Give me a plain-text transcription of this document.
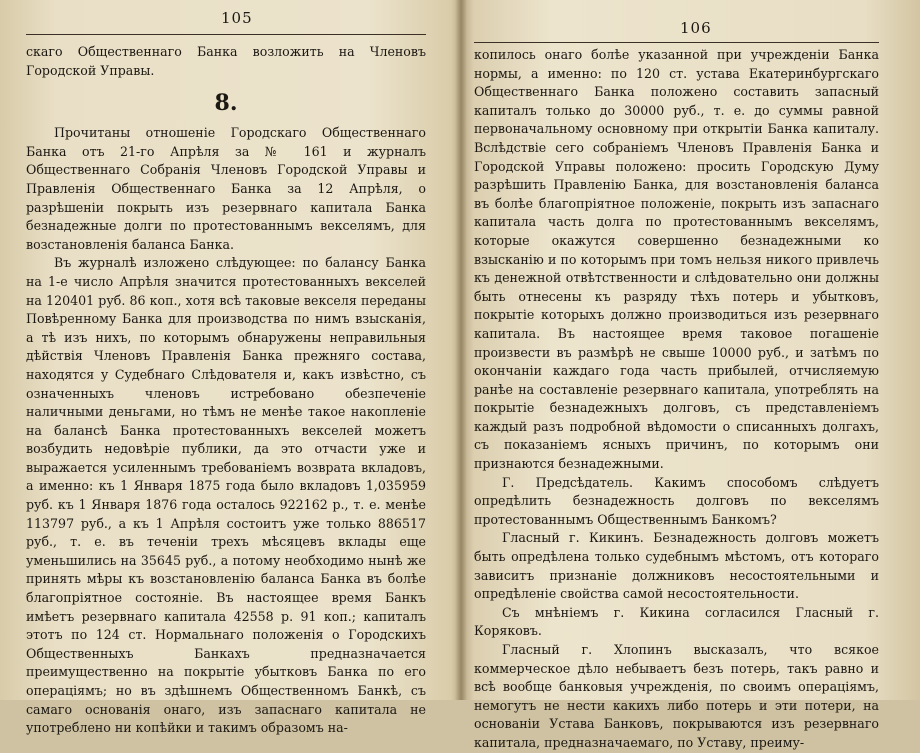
105

скаго Общественнаго Банка возложить на Членовъ Городской Управы.

8.

Прочитаны отношенiе Городскаго Общественнаго Банка отъ 21-го Апрѣля за № 161 и журналъ Общественнаго Собранiя Членовъ Городской Управы и Правленiя Общественнаго Банка за 12 Апрѣля, о разрѣшенiи покрыть изъ резервнаго капитала Банка безнадежные долги по протестованнымъ векселямъ, для возстановленiя баланса Банка.

Въ журналѣ изложено слѣдующее: по балансу Банка на 1-е число Апрѣля значится протестованныхъ векселей на 120401 руб. 86 коп., хотя всѣ таковые векселя переданы Повѣренному Банка для производства по нимъ взысканiя, а тѣ изъ нихъ, по которымъ обнаружены неправильныя дѣйствiя Членовъ Правленiя Банка прежняго состава, находятся у Судебнаго Слѣдователя и, какъ извѣстно, съ означенныхъ членовъ истребовано обезпеченiе наличными деньгами, но тѣмъ не менѣе такое накопленiе на балансѣ Банка протестованныхъ векселей можетъ возбудить недовѣрiе публики, да это отчасти уже и выражается усиленнымъ требованiемъ возврата вкладовъ, а именно: къ 1 Января 1875 года было вкладовъ 1,035959 руб. къ 1 Января 1876 года осталось 922162 р., т. е. менѣе 113797 руб., а къ 1 Апрѣля состоитъ уже только 886517 руб., т. е. въ теченiи трехъ мѣсяцевъ вклады еще уменьшились на 35645 руб., а потому необходимо нынѣ же принять мѣры къ возстановленiю баланса Банка въ болѣе благопрiятное состоянiе. Въ настоящее время Банкъ имѣетъ резервнаго капитала 42558 р. 91 коп.; капиталъ этотъ по 124 ст. Нормальнаго положенiя о Городскихъ Общественныхъ Банкахъ предназначается преимущественно на покрытiе убытковъ Банка по его операцiямъ; но въ здѣшнемъ Общественномъ Банкѣ, съ самаго основанiя онаго, изъ запаснаго капитала не употреблено ни копѣйки и такимъ образомъ на-

106

копилось онаго болѣе указанной при учрежденiи Банка нормы, а именно: по 120 ст. устава Екатеринбургскаго Общественнаго Банка положено составить запасный капиталъ только до 30000 руб., т. е. до суммы равной первоначальному основному при открытiи Банка капиталу. Вслѣдствiе сего собранiемъ Членовъ Правленiя Банка и Городской Управы положено: просить Городскую Думу разрѣшить Правленiю Банка, для возстановленiя баланса въ болѣе благопрiятное положенiе, покрыть изъ запаснаго капитала часть долга по протестованнымъ векселямъ, которые окажутся совершенно безнадежными ко взысканiю и по которымъ при томъ нельзя никого привлечь къ денежной отвѣтственности и слѣдовательно они должны быть отнесены къ разряду тѣхъ потерь и убытковъ, покрытiе которыхъ должно производиться изъ резервнаго капитала. Въ настоящее время таковое погашенiе произвести въ размѣрѣ не свыше 10000 руб., и затѣмъ по окончанiи каждаго года часть прибылей, отчисляемую ранѣе на составленiе резервнаго капитала, употреблять на покрытiе безнадежныхъ долговъ, съ представленiемъ каждый разъ подробной вѣдомости о списанныхъ долгахъ, съ показанiемъ ясныхъ причинъ, по которымъ они признаются безнадежными.

Г. Предсѣдатель. Какимъ способомъ слѣдуетъ опредѣлить безнадежность долговъ по векселямъ протестованнымъ Общественнымъ Банкомъ?

Гласный г. Кикинъ. Безнадежность долговъ можетъ быть опредѣлена только судебнымъ мѣстомъ, отъ котораго зависитъ признанiе должниковъ несостоятельными и опредѣленiе свойства самой несостоятельности.

Съ мнѣнiемъ г. Кикина согласился Гласный г. Коряковъ.

Гласный г. Хлопинъ высказалъ, что всякое коммерческое дѣло небываетъ безъ потерь, такъ равно и всѣ вообще банковыя учрежденiя, по своимъ операцiямъ, немогутъ не нести какихъ либо потерь и эти потери, на основанiи Устава Банковъ, покрываются изъ резервнаго капитала, предназначаемаго, по Уставу, преиму-
